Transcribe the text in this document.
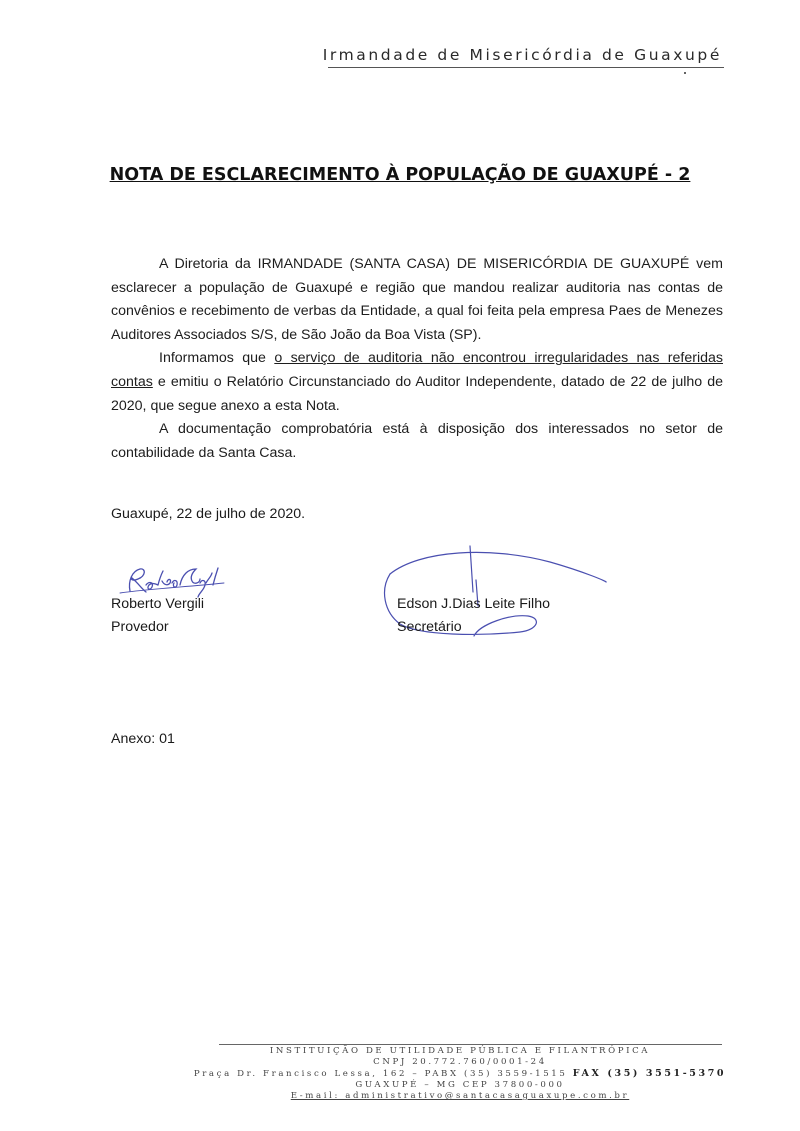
Irmandade de Misericórdia de Guaxupé
NOTA DE ESCLARECIMENTO À POPULAÇÃO DE GUAXUPÉ - 2

A Diretoria da IRMANDADE (SANTA CASA) DE MISERICÓRDIA DE GUAXUPÉ vem esclarecer a população de Guaxupé e região que mandou realizar auditoria nas contas de convênios e recebimento de verbas da Entidade, a qual foi feita pela empresa Paes de Menezes Auditores Associados S/S, de São João da Boa Vista (SP).

Informamos que o serviço de auditoria não encontrou irregularidades nas referidas contas e emitiu o Relatório Circunstanciado do Auditor Independente, datado de 22 de julho de 2020, que segue anexo a esta Nota.

A documentação comprobatória está à disposição dos interessados no setor de contabilidade da Santa Casa.

Guaxupé, 22 de julho de 2020.
Roberto Vergili
Provedor
Edson J.Dias Leite Filho
Secretário
Anexo: 01
INSTITUIÇÃO DE UTILIDADE PÚBLICA E FILANTRÓPICA
CNPJ 20.772.760/0001-24
Praça Dr. Francisco Lessa, 162 – PABX (35) 3559-1515 FAX (35) 3551-5370
GUAXUPÉ – MG CEP 37800-000
E-mail: administrativo@santacasaguaxupe.com.br
